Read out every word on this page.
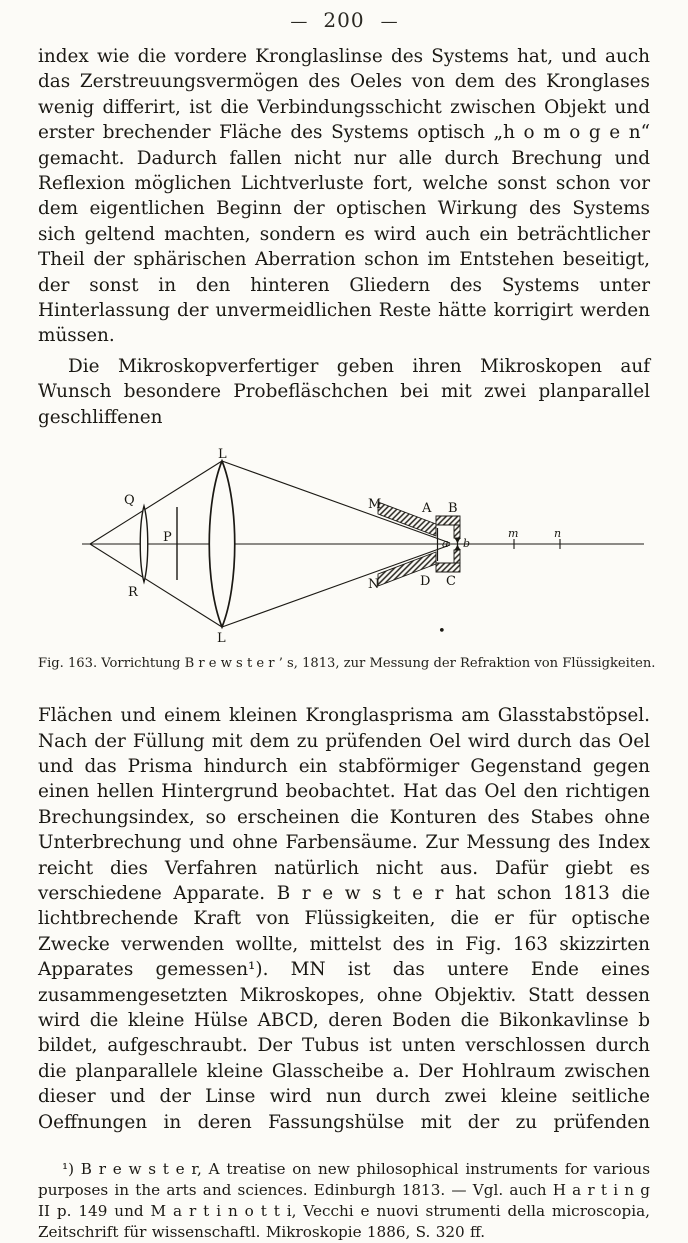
— 200 —

index wie die vordere Kronglaslinse des Systems hat, und auch das Zerstreuungsvermögen des Oeles von dem des Kronglases wenig differirt, ist die Verbindungsschicht zwischen Objekt und erster brechender Fläche des Systems optisch „h o m o g e n“ gemacht. Dadurch fallen nicht nur alle durch Brechung und Reflexion möglichen Lichtverluste fort, welche sonst schon vor dem eigentlichen Beginn der optischen Wirkung des Systems sich geltend machten, sondern es wird auch ein beträchtlicher Theil der sphärischen Aberration schon im Entstehen beseitigt, der sonst in den hinteren Gliedern des Systems unter Hinterlassung der unvermeidlichen Reste hätte korrigirt werden müssen.

Die Mikroskopverfertiger geben ihren Mikroskopen auf Wunsch besondere Probefläschchen bei mit zwei planparallel geschliffenen

L
L
Q
R
P
M
N
A B
D C
a b
m	n
Fig. 163. Vorrichtung B r e w s t e r ’ s, 1813, zur Messung der Refraktion von Flüssigkeiten.

Flächen und einem kleinen Kronglasprisma am Glasstabstöpsel. Nach der Füllung mit dem zu prüfenden Oel wird durch das Oel und das Prisma hindurch ein stabförmiger Gegenstand gegen einen hellen Hintergrund beobachtet. Hat das Oel den richtigen Brechungsindex, so erscheinen die Konturen des Stabes ohne Unterbrechung und ohne Farbensäume. Zur Messung des Index reicht dies Verfahren natürlich nicht aus. Dafür giebt es verschiedene Apparate. B r e w s t e r hat schon 1813 die lichtbrechende Kraft von Flüssigkeiten, die er für optische Zwecke verwenden wollte, mittelst des in Fig. 163 skizzirten Apparates gemessen¹). MN ist das untere Ende eines zusammengesetzten Mikroskopes, ohne Objektiv. Statt dessen wird die kleine Hülse ABCD, deren Boden die Bikonkavlinse b bildet, aufgeschraubt. Der Tubus ist unten verschlossen durch die planparallele kleine Glasscheibe a. Der Hohlraum zwischen dieser und der Linse wird nun durch zwei kleine seitliche Oeffnungen in deren Fassungshülse mit der zu prüfenden

¹) B r e w s t e r, A treatise on new philosophical instruments for various purposes in the arts and sciences. Edinburgh 1813. — Vgl. auch H a r t i n g II p. 149 und M a r t i n o t t i, Vecchi e nuovi strumenti della microscopia, Zeitschrift für wissenschaftl. Mikroskopie 1886, S. 320 ff.

•
